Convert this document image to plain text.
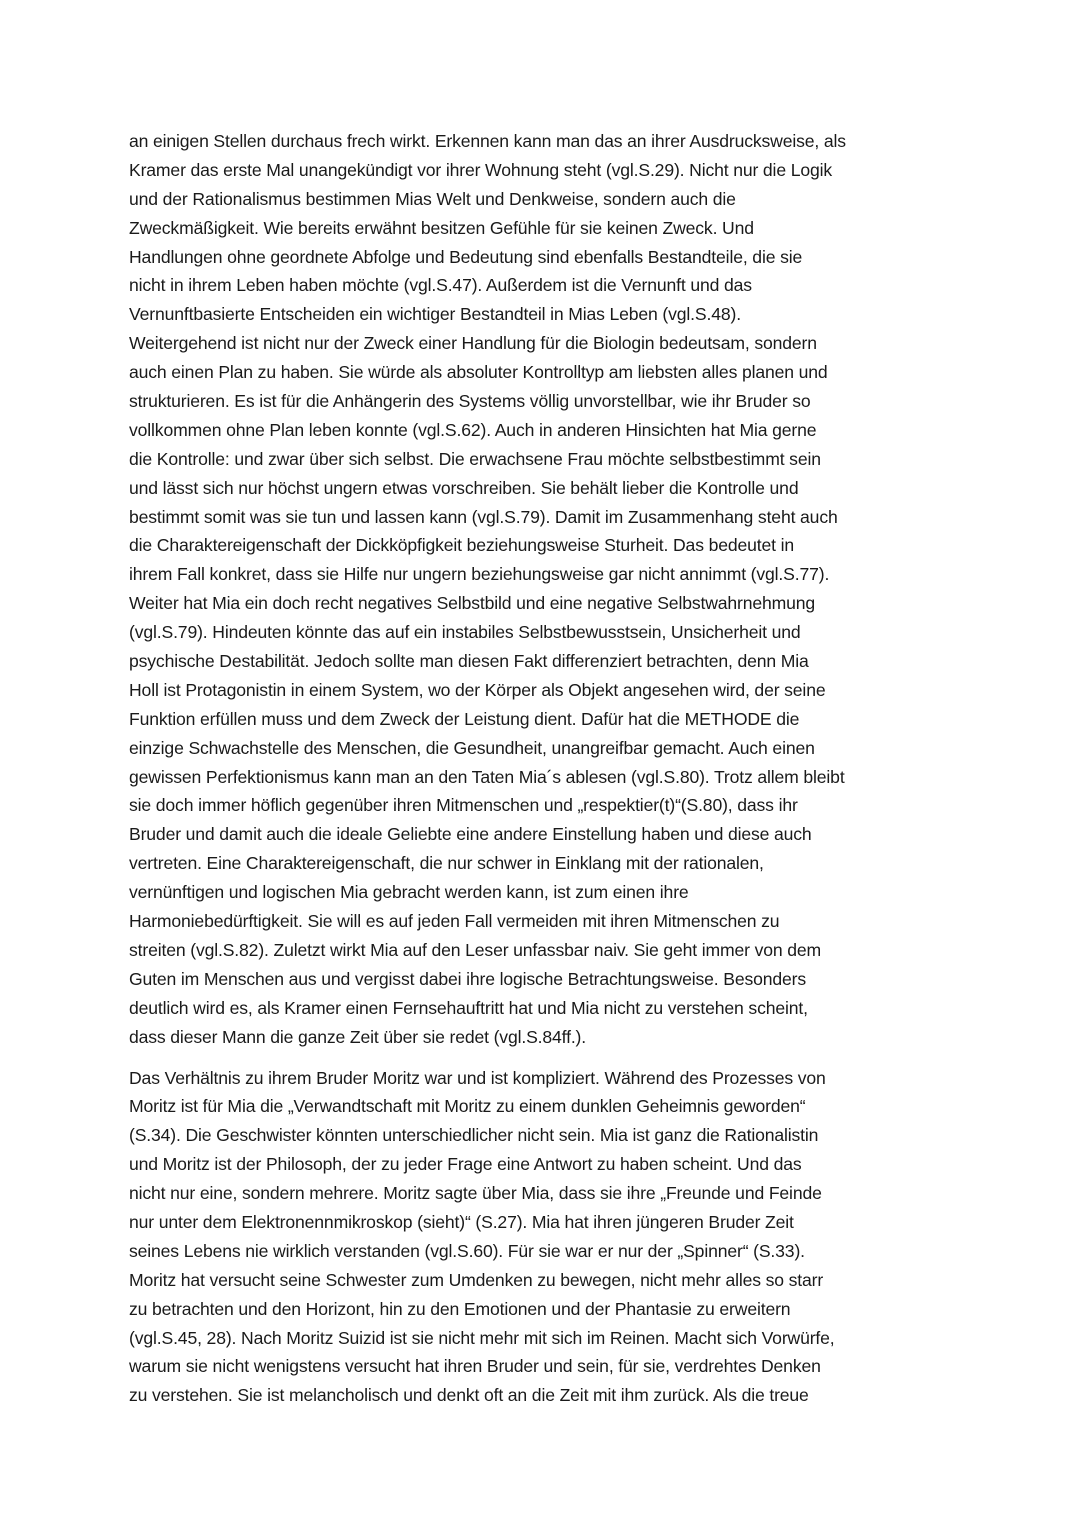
an einigen Stellen durchaus frech wirkt. Erkennen kann man das an ihrer Ausdrucksweise, als
Kramer das erste Mal unangekündigt vor ihrer Wohnung steht (vgl.S.29). Nicht nur die Logik
und der Rationalismus bestimmen Mias Welt und Denkweise, sondern auch die
Zweckmäßigkeit. Wie bereits erwähnt besitzen Gefühle für sie keinen Zweck. Und
Handlungen ohne geordnete Abfolge und Bedeutung sind ebenfalls Bestandteile, die sie
nicht in ihrem Leben haben möchte (vgl.S.47). Außerdem ist die Vernunft und das
Vernunftbasierte Entscheiden ein wichtiger Bestandteil in Mias Leben (vgl.S.48).
Weitergehend ist nicht nur der Zweck einer Handlung für die Biologin bedeutsam, sondern
auch einen Plan zu haben. Sie würde als absoluter Kontrolltyp am liebsten alles planen und
strukturieren. Es ist für die Anhängerin des Systems völlig unvorstellbar, wie ihr Bruder so
vollkommen ohne Plan leben konnte (vgl.S.62). Auch in anderen Hinsichten hat Mia gerne
die Kontrolle: und zwar über sich selbst. Die erwachsene Frau möchte selbstbestimmt sein
und lässt sich nur höchst ungern etwas vorschreiben. Sie behält lieber die Kontrolle und
bestimmt somit was sie tun und lassen kann (vgl.S.79). Damit im Zusammenhang steht auch
die Charaktereigenschaft der Dickköpfigkeit beziehungsweise Sturheit. Das bedeutet in
ihrem Fall konkret, dass sie Hilfe nur ungern beziehungsweise gar nicht annimmt (vgl.S.77).
Weiter hat Mia ein doch recht negatives Selbstbild und eine negative Selbstwahrnehmung
(vgl.S.79). Hindeuten könnte das auf ein instabiles Selbstbewusstsein, Unsicherheit und
psychische Destabilität. Jedoch sollte man diesen Fakt differenziert betrachten, denn Mia
Holl ist Protagonistin in einem System, wo der Körper als Objekt angesehen wird, der seine
Funktion erfüllen muss und dem Zweck der Leistung dient. Dafür hat die METHODE die
einzige Schwachstelle des Menschen, die Gesundheit, unangreifbar gemacht. Auch einen
gewissen Perfektionismus kann man an den Taten Mia´s ablesen (vgl.S.80). Trotz allem bleibt
sie doch immer höflich gegenüber ihren Mitmenschen und „respektier(t)“(S.80), dass ihr
Bruder und damit auch die ideale Geliebte eine andere Einstellung haben und diese auch
vertreten. Eine Charaktereigenschaft, die nur schwer in Einklang mit der rationalen,
vernünftigen und logischen Mia gebracht werden kann, ist zum einen ihre
Harmoniebedürftigkeit. Sie will es auf jeden Fall vermeiden mit ihren Mitmenschen zu
streiten (vgl.S.82). Zuletzt wirkt Mia auf den Leser unfassbar naiv. Sie geht immer von dem
Guten im Menschen aus und vergisst dabei ihre logische Betrachtungsweise. Besonders
deutlich wird es, als Kramer einen Fernsehauftritt hat und Mia nicht zu verstehen scheint,
dass dieser Mann die ganze Zeit über sie redet (vgl.S.84ff.).
Das Verhältnis zu ihrem Bruder Moritz war und ist kompliziert. Während des Prozesses von
Moritz ist für Mia die „Verwandtschaft mit Moritz zu einem dunklen Geheimnis geworden“
(S.34). Die Geschwister könnten unterschiedlicher nicht sein. Mia ist ganz die Rationalistin
und Moritz ist der Philosoph, der zu jeder Frage eine Antwort zu haben scheint. Und das
nicht nur eine, sondern mehrere. Moritz sagte über Mia, dass sie ihre „Freunde und Feinde
nur unter dem Elektronennmikroskop (sieht)“ (S.27). Mia hat ihren jüngeren Bruder Zeit
seines Lebens nie wirklich verstanden (vgl.S.60). Für sie war er nur der „Spinner“ (S.33).
Moritz hat versucht seine Schwester zum Umdenken zu bewegen, nicht mehr alles so starr
zu betrachten und den Horizont, hin zu den Emotionen und der Phantasie zu erweitern
(vgl.S.45, 28). Nach Moritz Suizid ist sie nicht mehr mit sich im Reinen. Macht sich Vorwürfe,
warum sie nicht wenigstens versucht hat ihren Bruder und sein, für sie, verdrehtes Denken
zu verstehen. Sie ist melancholisch und denkt oft an die Zeit mit ihm zurück. Als die treue
